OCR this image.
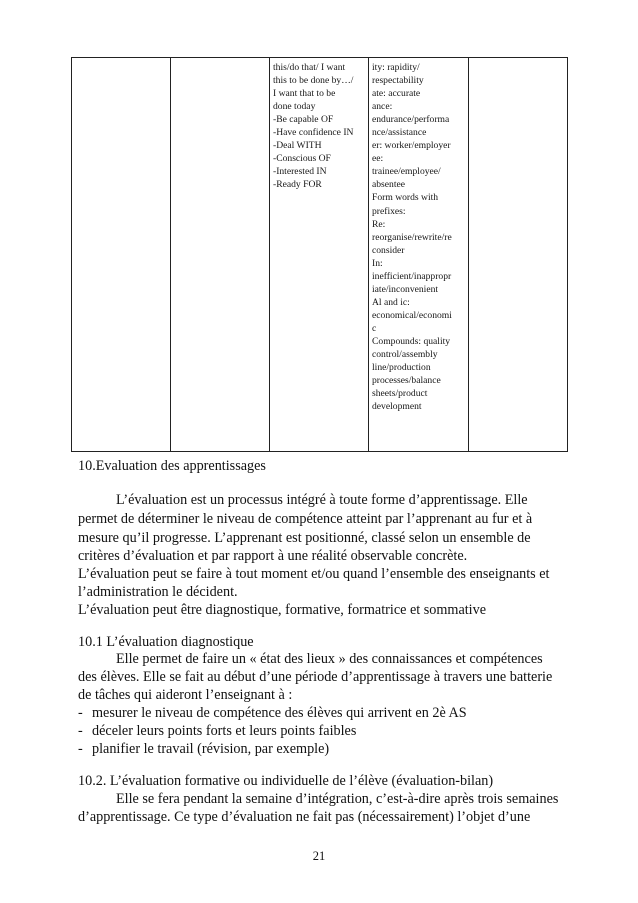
this/do that/ I want
this to be done by…/
I want that to be
done today
-Be capable OF
-Have confidence IN
-Deal WITH
-Conscious OF
-Interested IN
-Ready FOR
ity: rapidity/
respectability
ate: accurate
ance:
endurance/performa
nce/assistance
er: worker/employer
ee:
trainee/employee/
absentee
Form words with
prefixes:
Re:
reorganise/rewrite/re
consider
In:
inefficient/inappropr
iate/inconvenient
Al and ic:
economical/economi
c
Compounds: quality
control/assembly
line/production
processes/balance
sheets/product
development
10.Evaluation des apprentissages
L’évaluation est un processus intégré à toute forme d’apprentissage. Elle
permet de déterminer le niveau de compétence atteint par l’apprenant au fur et à
mesure qu’il progresse. L’apprenant est positionné, classé selon un ensemble de
critères d’évaluation et par rapport à une réalité observable concrète.
L’évaluation peut se faire à tout moment et/ou quand l’ensemble des enseignants et
l’administration le décident.
L’évaluation peut être diagnostique, formative, formatrice et sommative
10.1 L’évaluation diagnostique
Elle permet de faire un « état des lieux » des connaissances et compétences
des élèves. Elle se fait au début d’une période d’apprentissage à travers une batterie
de tâches qui aideront l’enseignant à :
- mesurer le niveau de compétence des élèves qui arrivent en 2è AS
- déceler leurs points forts et leurs points faibles
- planifier le travail (révision, par exemple)
10.2. L’évaluation formative ou individuelle de l’élève (évaluation-bilan)
Elle se fera pendant la semaine d’intégration, c’est-à-dire après trois semaines
d’apprentissage. Ce type d’évaluation ne fait pas (nécessairement) l’objet d’une
21
